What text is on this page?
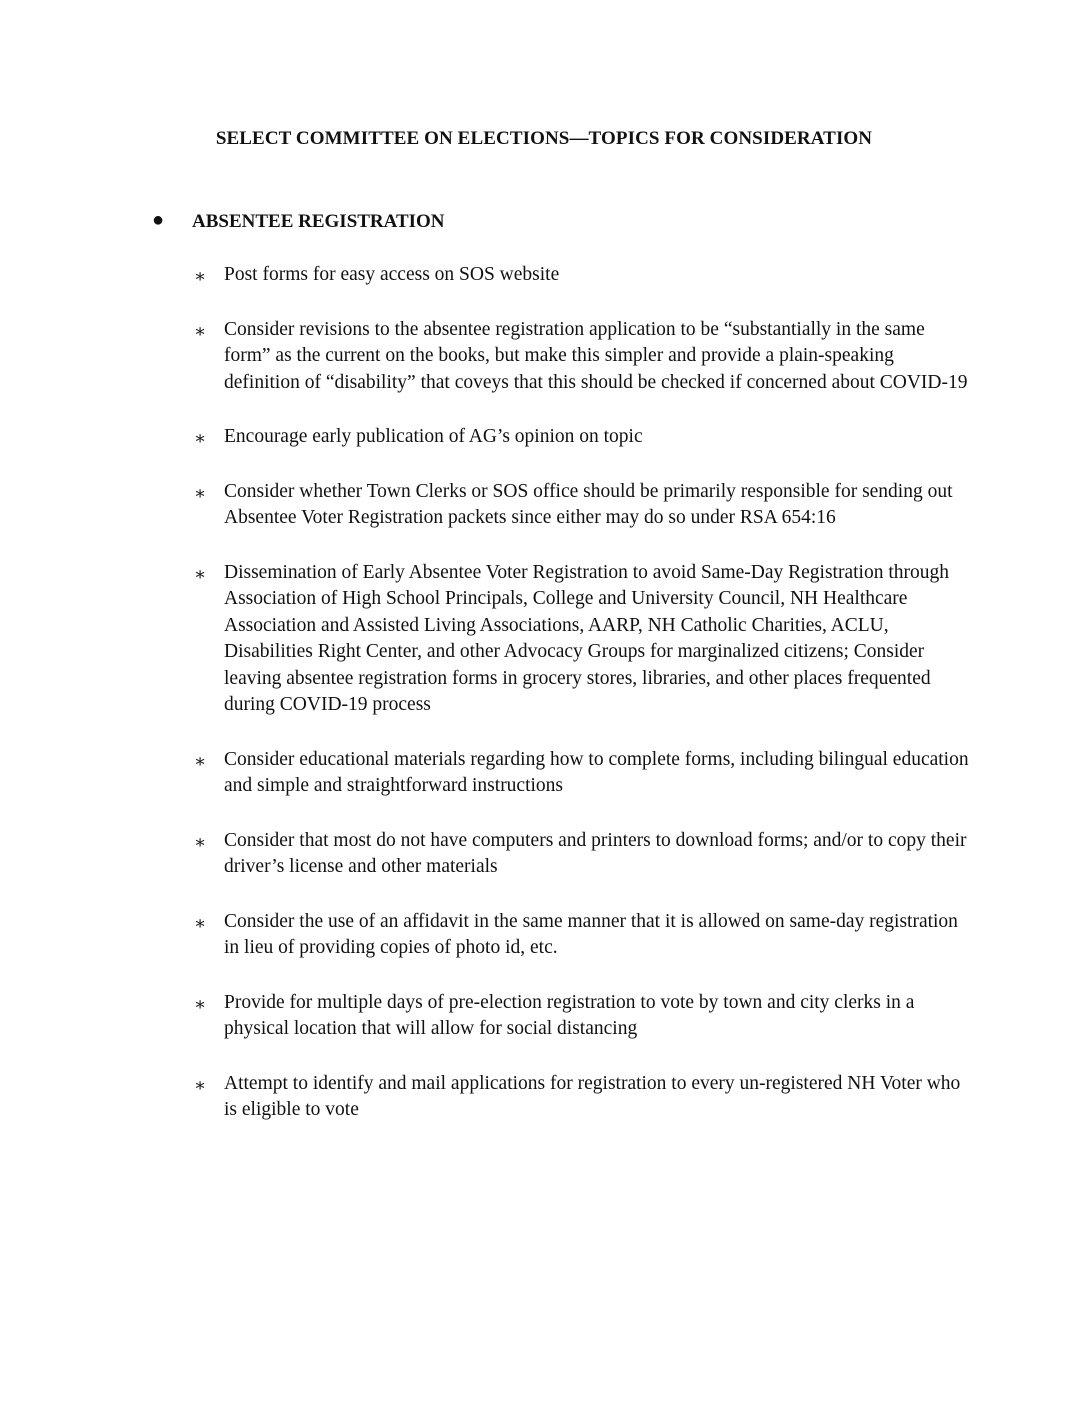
SELECT COMMITTEE ON ELECTIONS—TOPICS FOR CONSIDERATION
●	ABSENTEE REGISTRATION
∗ Post forms for easy access on SOS website
∗ Consider revisions to the absentee registration application to be “substantially in the same form” as the current on the books, but make this simpler and provide a plain-speaking definition of “disability” that coveys that this should be checked if concerned about COVID-19
∗ Encourage early publication of AG’s opinion on topic
∗ Consider whether Town Clerks or SOS office should be primarily responsible for sending out Absentee Voter Registration packets since either may do so under RSA 654:16
∗ Dissemination of Early Absentee Voter Registration to avoid Same-Day Registration through Association of High School Principals, College and University Council, NH Healthcare Association and Assisted Living Associations, AARP, NH Catholic Charities, ACLU, Disabilities Right Center, and other Advocacy Groups for marginalized citizens; Consider leaving absentee registration forms in grocery stores, libraries, and other places frequented during COVID-19 process
∗ Consider educational materials regarding how to complete forms, including bilingual education and simple and straightforward instructions
∗ Consider that most do not have computers and printers to download forms; and/or to copy their driver’s license and other materials
∗ Consider the use of an affidavit in the same manner that it is allowed on same-day registration in lieu of providing copies of photo id, etc.
∗ Provide for multiple days of pre-election registration to vote by town and city clerks in a physical location that will allow for social distancing
∗ Attempt to identify and mail applications for registration to every un-registered NH Voter who is eligible to vote
